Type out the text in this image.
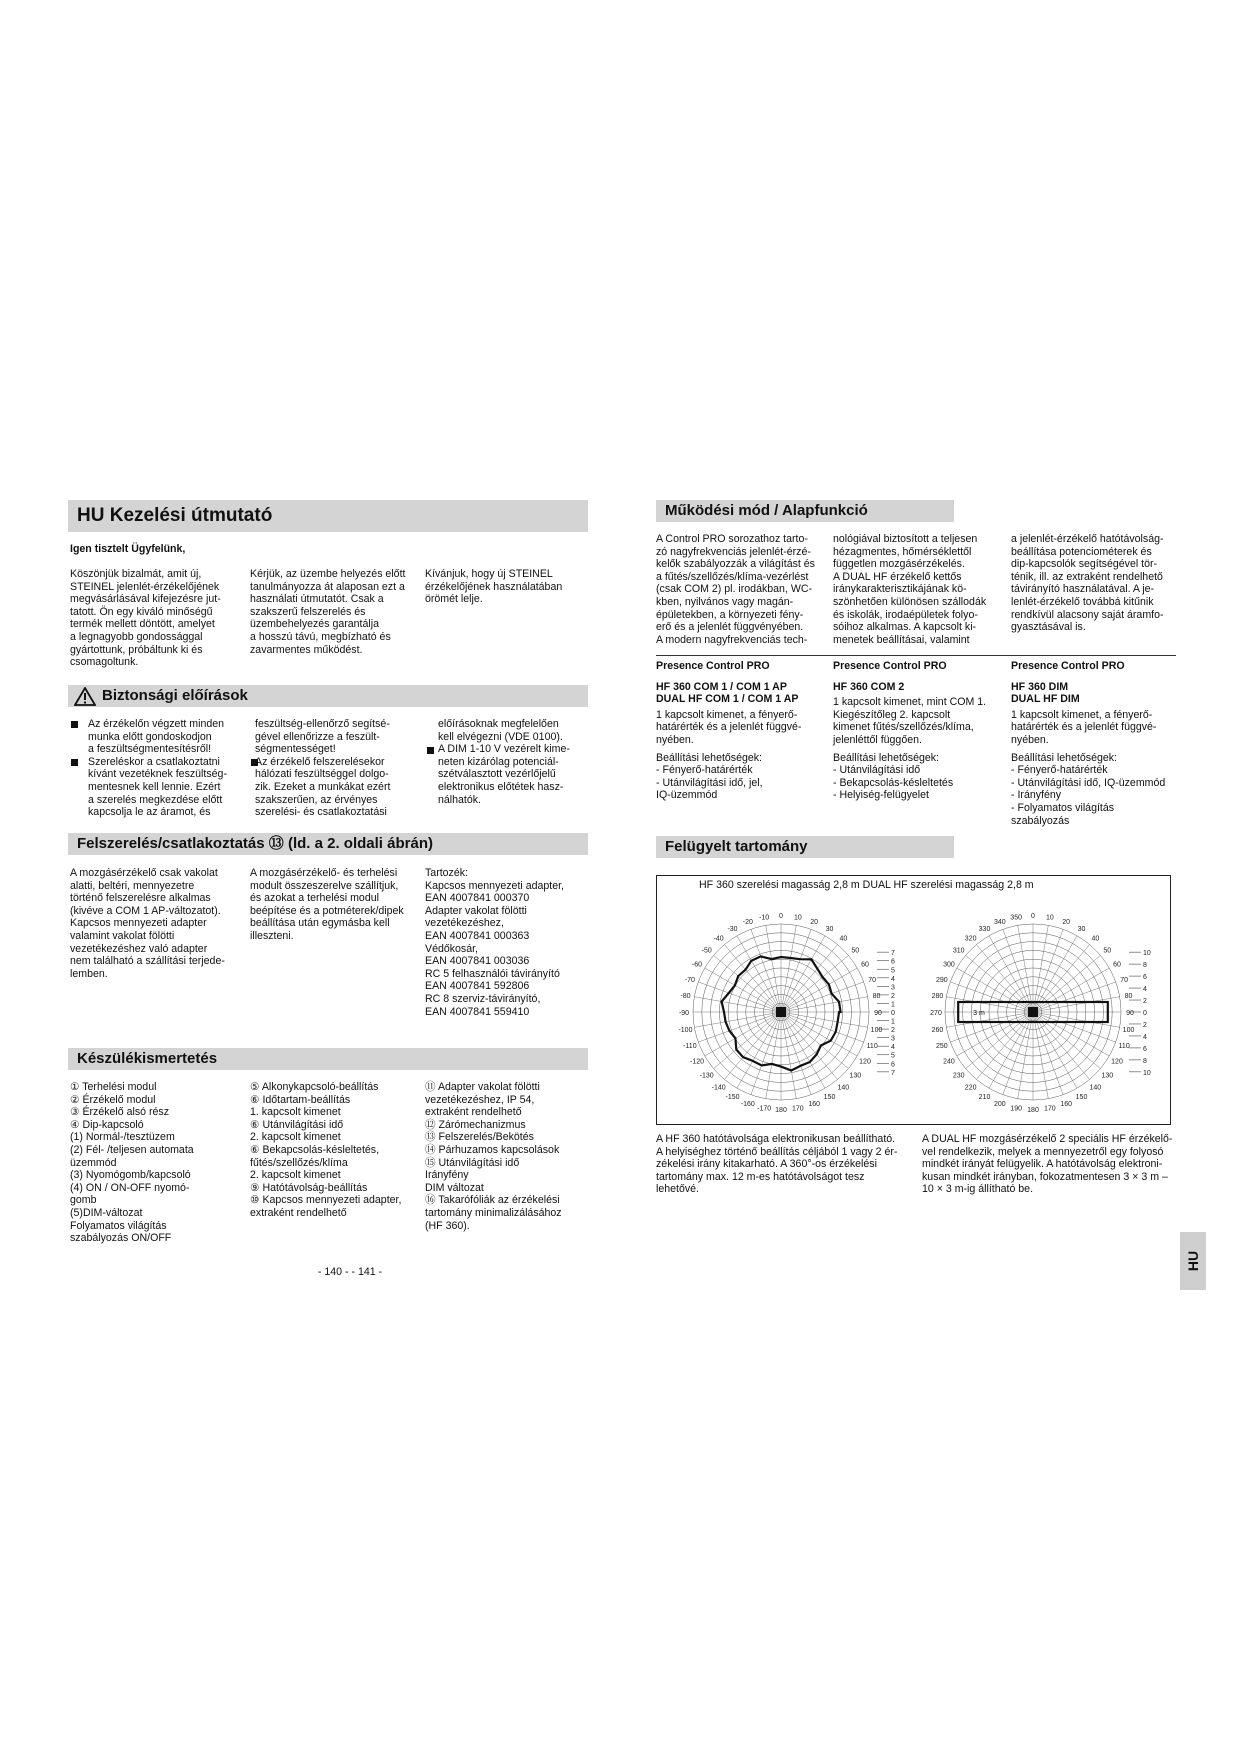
HU Kezelési útmutató
Igen tisztelt Ügyfelünk,
Köszönjük bizalmát, amit új,
STEINEL jelenlét-érzékelőjének
megvásárlásával kifejezésre jut-
tatott. Ön egy kiváló minőségű
termék mellett döntött, amelyet
a legnagyobb gondossággal
gyártottunk, próbáltunk ki és
csomagoltunk.
Kérjük, az üzembe helyezés előtt
tanulmányozza át alaposan ezt a
használati útmutatót. Csak a
szakszerű felszerelés és
üzembehelyezés garantálja
a hosszú távú, megbízható és
zavarmentes működést.
Kívánjuk, hogy új STEINEL
érzékelőjének használatában
örömét lelje.
Biztonsági előírások
Az érzékelőn végzett minden
munka előtt gondoskodjon
a feszültségmentesítésről!
Szereléskor a csatlakoztatni
kívánt vezetéknek feszültség-
mentesnek kell lennie. Ezért
a szerelés megkezdése előtt
kapcsolja le az áramot, és
feszültség-ellenőrző segítsé-
gével ellenőrizze a feszült-
ségmentességet!
Az érzékelő felszerelésekor
hálózati feszültséggel dolgo-
zik. Ezeket a munkákat ezért
szakszerűen, az érvényes
szerelési- és csatlakoztatási
előírásoknak megfelelően
kell elvégezni (VDE 0100).
A DIM 1-10 V vezérelt kime-
neten kizárólag potenciál-
szétválasztott vezérlőjelű
elektronikus előtétek hasz-
nálhatók.
Felszerelés/csatlakoztatás ⑬ (ld. a 2. oldali ábrán)
A mozgásérzékelő csak vakolat
alatti, beltéri, mennyezetre
történő felszerelésre alkalmas
(kivéve a COM 1 AP-változatot).
Kapcsos mennyezeti adapter
valamint vakolat fölötti
vezetékezéshez való adapter
nem található a szállítási terjede-
lemben.
A mozgásérzékelő- és terhelési
modult összeszerelve szállítjuk,
és azokat a terhelési modul
beépítése és a potméterek/dipek
beállítása után egymásba kell
illeszteni.
Tartozék:
Kapcsos mennyezeti adapter,
EAN 4007841 000370
Adapter vakolat fölötti
vezetékezéshez,
EAN 4007841 000363
Védőkosár,
EAN 4007841 003036
RC 5 felhasználói távirányító
EAN 4007841 592806
RC 8 szerviz-távirányító,
EAN 4007841 559410
Készülékismertetés
① Terhelési modul
② Érzékelő modul
③ Érzékelő alsó rész
④ Dip-kapcsoló
(1) Normál-/tesztüzem
(2) Fél- /teljesen automata
üzemmód
(3) Nyomógomb/kapcsoló
(4) ON / ON-OFF nyomó-
gomb
(5)DIM-változat
Folyamatos világítás
szabályozás ON/OFF
⑤ Alkonykapcsoló-beállítás
⑥ Időtartam-beállítás
1. kapcsolt kimenet
⑥ Utánvilágítási idő
2. kapcsolt kimenet
⑥ Bekapcsolás-késleltetés,
fűtés/szellőzés/klíma
2. kapcsolt kimenet
⑨ Hatótávolság-beállítás
⑩ Kapcsos mennyezeti adapter,
extraként rendelhető
⑪ Adapter vakolat fölötti
vezetékezéshez, IP 54,
extraként rendelhető
⑫ Zárómechanizmus
⑬ Felszerelés/Bekötés
⑭ Párhuzamos kapcsolások
⑮ Utánvilágítási idő
Irányfény
DIM változat
⑯ Takarófóliák az érzékelési
tartomány minimalizálásához
(HF 360).
- 140 - - 141 -
Működési mód / Alapfunkció
A Control PRO sorozathoz tarto-
zó nagyfrekvenciás jelenlét-érzé-
kelők szabályozzák a világítást és
a fűtés/szellőzés/klíma-vezérlést
(csak COM 2) pl. irodákban, WC-
kben, nyilvános vagy magán-
épületekben, a környezeti fény-
erő és a jelenlét függvényében.
A modern nagyfrekvenciás tech-
nológiával biztosított a teljesen
hézagmentes, hőmérséklettől
független mozgásérzékelés.
A DUAL HF érzékelő kettős
iránykarakterisztikájának kö-
szönhetően különösen szállodák
és iskolák, irodaépületek folyo-
sóihoz alkalmas. A kapcsolt ki-
menetek beállításai, valamint
a jelenlét-érzékelő hatótávolság-
beállítása potenciométerek és
dip-kapcsolók segítségével tör-
ténik, ill. az extraként rendelhető
távirányító használatával. A je-
lenlét-érzékelő továbbá kitűnik
rendkívül alacsony saját áramfo-
gyasztásával is.
Presence Control PRO
HF 360 COM 1 / COM 1 AP
DUAL HF COM 1 / COM 1 AP
1 kapcsolt kimenet, a fényerő-
határérték és a jelenlét függvé-
nyében.
Beállítási lehetőségek:
- Fényerő-határérték
- Utánvilágítási idő, jel,
IQ-üzemmód
Presence Control PRO
HF 360 COM 2
1 kapcsolt kimenet, mint COM 1.
Kiegészítőleg 2. kapcsolt
kimenet fűtés/szellőzés/klíma,
jelenléttől függően.
Beállítási lehetőségek:
- Utánvilágítási idő
- Bekapcsolás-késleltetés
- Helyiség-felügyelet
Presence Control PRO
HF 360 DIM
DUAL HF DIM
1 kapcsolt kimenet, a fényerő-
határérték és a jelenlét függvé-
nyében.
Beállítási lehetőségek:
- Fényerő-határérték
- Utánvilágítási idő, IQ-üzemmód
- Irányfény
- Folyamatos világítás
szabályozás
Felügyelt tartomány
HF 360 szerelési magasság 2,8 m DUAL HF szerelési magasság 2,8 m
0 10
20
30
40
50
60
70
80
90
100
110
120
130
140
150
160
170
180
-170
-160
-150
-140
-130
-120
-110
-100
-90
-80
-70
-60
-50
-40
-30
-20
-10
7
6
5
4
3
2
1
0
1
2
3
4
5
6
7
0 10
20
30
40
50
60
70
80
90
100
110
120
130
140
150
160
170
180
190
200
210
220
230
240
250
260
270
280
290
300
310
320
330
340
350
10
8
6
4
2
0
2
4
6
8
10
3 m
A HF 360 hatótávolsága elektronikusan beállítható.
A helyiséghez történő beállítás céljából 1 vagy 2 ér-
zékelési irány kitakarható. A 360°-os érzékelési
tartomány max. 12 m-es hatótávolságot tesz
lehetővé.
A DUAL HF mozgásérzékelő 2 speciális HF érzékelő-
vel rendelkezik, melyek a mennyezetről egy folyosó
mindkét irányát felügyelik. A hatótávolság elektroni-
kusan mindkét irányban, fokozatmentesen 3 × 3 m –
10 × 3 m-ig állítható be.
HU
